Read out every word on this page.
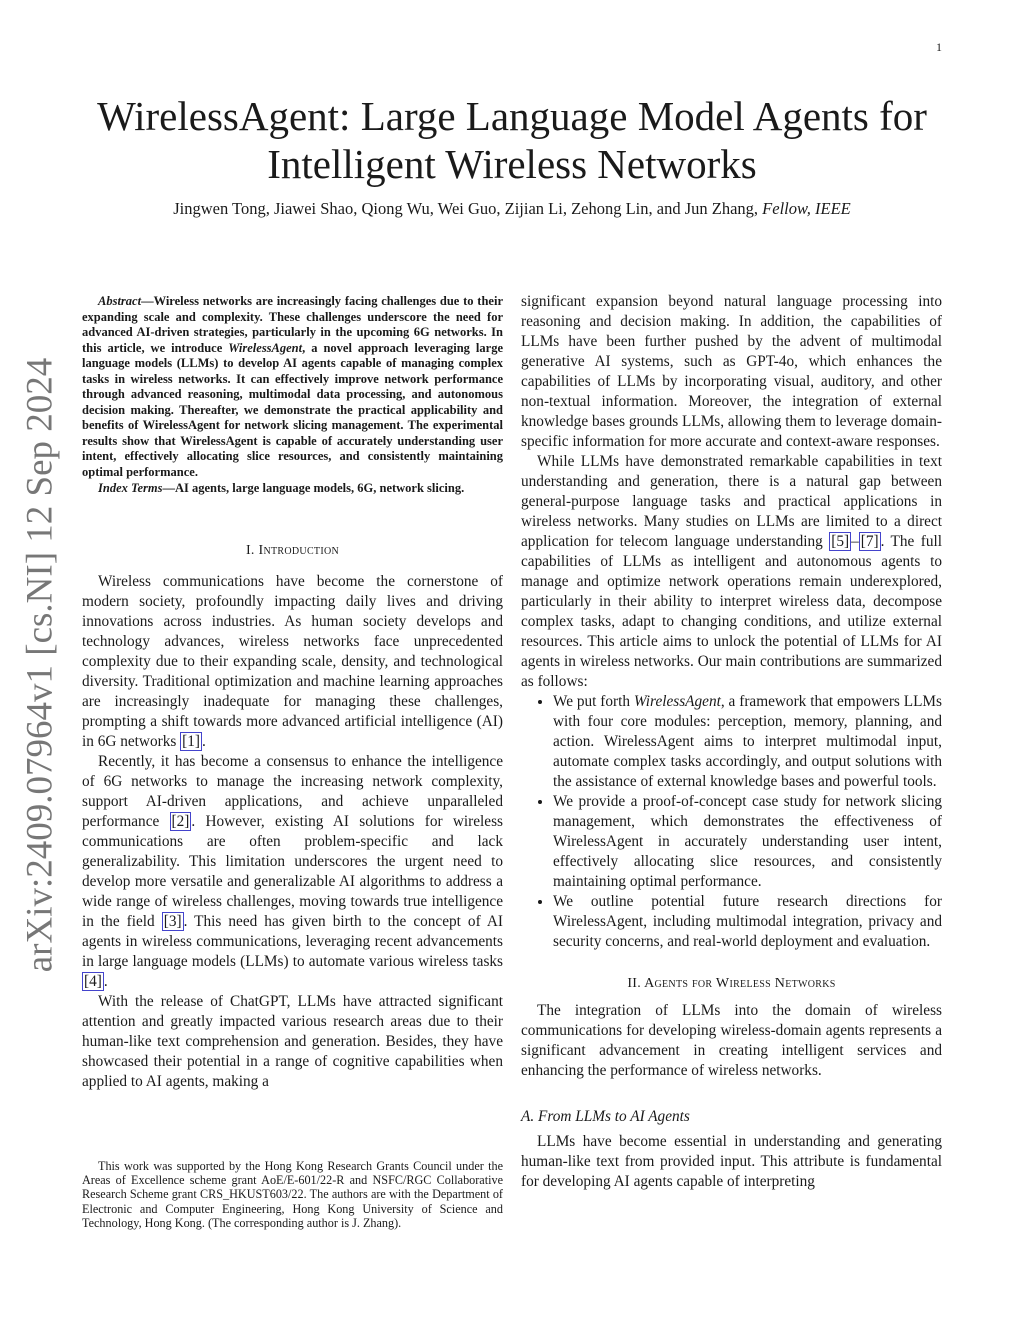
1
arXiv:2409.07964v1 [cs.NI] 12 Sep 2024
WirelessAgent: Large Language Model Agents for Intelligent Wireless Networks
Jingwen Tong, Jiawei Shao, Qiong Wu, Wei Guo, Zijian Li, Zehong Lin, and Jun Zhang, Fellow, IEEE

Abstract—Wireless networks are increasingly facing challenges due to their expanding scale and complexity. These challenges underscore the need for advanced AI-driven strategies, particularly in the upcoming 6G networks. In this article, we introduce WirelessAgent, a novel approach leveraging large language models (LLMs) to develop AI agents capable of managing complex tasks in wireless networks. It can effectively improve network performance through advanced reasoning, multimodal data processing, and autonomous decision making. Thereafter, we demonstrate the practical applicability and benefits of WirelessAgent for network slicing management. The experimental results show that WirelessAgent is capable of accurately understanding user intent, effectively allocating slice resources, and consistently maintaining optimal performance.

Index Terms—AI agents, large language models, 6G, network slicing.

I. Introduction

Wireless communications have become the cornerstone of modern society, profoundly impacting daily lives and driving innovations across industries. As human society develops and technology advances, wireless networks face unprecedented complexity due to their expanding scale, density, and technological diversity. Traditional optimization and machine learning approaches are increasingly inadequate for managing these challenges, prompting a shift towards more advanced artificial intelligence (AI) in 6G networks [1] .

Recently, it has become a consensus to enhance the intelligence of 6G networks to manage the increasing network complexity, support AI-driven applications, and achieve unparalleled performance [2] . However, existing AI solutions for wireless communications are often problem-specific and lack generalizability. This limitation underscores the urgent need to develop more versatile and generalizable AI algorithms to address a wide range of wireless challenges, moving towards true intelligence in the field [3] . This need has given birth to the concept of AI agents in wireless communications, leveraging recent advancements in large language models (LLMs) to automate various wireless tasks [4] .

With the release of ChatGPT, LLMs have attracted significant attention and greatly impacted various research areas due to their human-like text comprehension and generation. Besides, they have showcased their potential in a range of cognitive capabilities when applied to AI agents, making a

significant expansion beyond natural language processing into reasoning and decision making. In addition, the capabilities of LLMs have been further pushed by the advent of multimodal generative AI systems, such as GPT-4o, which enhances the capabilities of LLMs by incorporating visual, auditory, and other non-textual information. Moreover, the integration of external knowledge bases grounds LLMs, allowing them to leverage domain-specific information for more accurate and context-aware responses.

While LLMs have demonstrated remarkable capabilities in text understanding and generation, there is a natural gap between general-purpose language tasks and practical applications in wireless networks. Many studies on LLMs are limited to a direct application for telecom language understanding [5] – [7] . The full capabilities of LLMs as intelligent and autonomous agents to manage and optimize network operations remain underexplored, particularly in their ability to interpret wireless data, decompose complex tasks, adapt to changing conditions, and utilize external resources. This article aims to unlock the potential of LLMs for AI agents in wireless networks. Our main contributions are summarized as follows:

• We put forth WirelessAgent, a framework that empowers LLMs with four core modules: perception, memory, planning, and action. WirelessAgent aims to interpret multimodal input, automate complex tasks accordingly, and output solutions with the assistance of external knowledge bases and powerful tools.
• We provide a proof-of-concept case study for network slicing management, which demonstrates the effectiveness of WirelessAgent in accurately understanding user intent, effectively allocating slice resources, and consistently maintaining optimal performance.
• We outline potential future research directions for WirelessAgent, including multimodal integration, privacy and security concerns, and real-world deployment and evaluation.

II. Agents for Wireless Networks

The integration of LLMs into the domain of wireless communications for developing wireless-domain agents represents a significant advancement in creating intelligent services and enhancing the performance of wireless networks.

A. From LLMs to AI Agents

LLMs have become essential in understanding and generating human-like text from provided input. This attribute is fundamental for developing AI agents capable of interpreting

This work was supported by the Hong Kong Research Grants Council under the Areas of Excellence scheme grant AoE/E-601/22-R and NSFC/RGC Collaborative Research Scheme grant CRS_HKUST603/22. The authors are with the Department of Electronic and Computer Engineering, Hong Kong University of Science and Technology, Hong Kong. (The corresponding author is J. Zhang).
